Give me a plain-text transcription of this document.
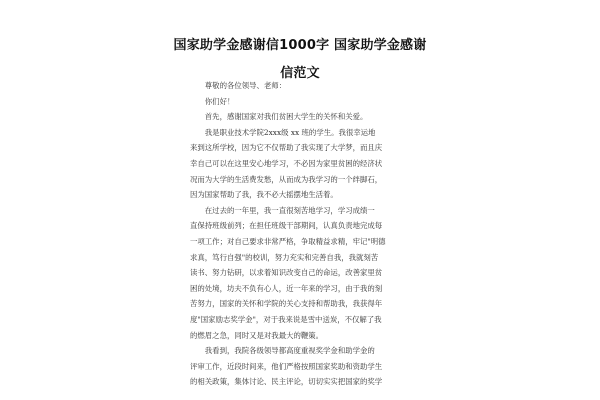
国家助学金感谢信1000字 国家助学金感谢
信范文
　　尊敬的各位领导、老师：
　　你们好！
　　首先，感谢国家对我们贫困大学生的关怀和关爱。
　　我是职业技术学院2xxx级 xx 班的学生。我很幸运地
来到这所学校，因为它不仅帮助了我实现了大学梦，而且庆
幸自己可以在这里安心地学习，不必因为家里贫困的经济状
况而为大学的生活费发愁，从而成为我学习的一个绊脚石，
因为国家帮助了我，我不必大摇摆地生活着。
　　在过去的一年里，我一直很刻苦地学习，学习成绩一
直保持班级前列；在担任班级干部期间，认真负责地完成每
一项工作；对自己要求非常严格，争取精益求精，牢记"明德
求真，笃行自强"的校训，努力充实和完善自我，我就刻苦
读书、努力钻研，以求着知识改变自己的命运，改善家里贫
困的处境，坊夫不负有心人，近一年来的学习，由于我的刻
苦努力，国家的关怀和学院的关心支持和帮助我，我获得年
度"国家励志奖学金"，对于我来说是雪中送炭，不仅解了我
的燃眉之急，同时又是对我最大的鞭策。
　　我看到，我院各级领导都高度重视奖学金和助学金的
评审工作，近段时间来，他们严格按照国家奖助和资助学生
的相关政策，集体讨论、民主评论，切切实实把国家的奖学
